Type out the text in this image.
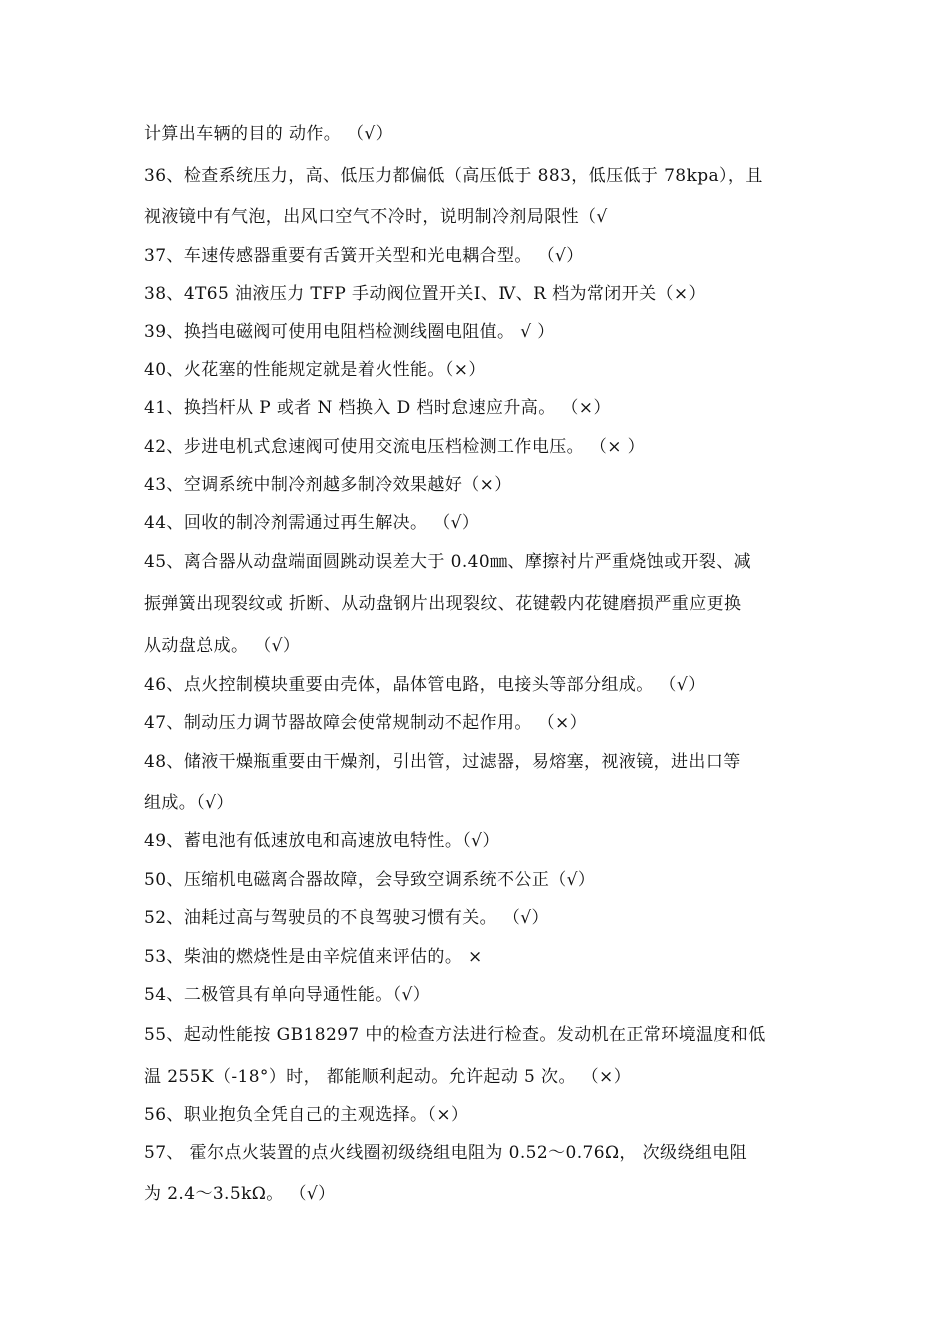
计算出车辆的目的 动作。 （√）
36、检查系统压力，高、低压力都偏低（高压低于 883，低压低于 78kpa），且
视液镜中有气泡，出风口空气不冷时，说明制冷剂局限性（√
37、车速传感器重要有舌簧开关型和光电耦合型。 （√）
38、4T65 油液压力 TFP 手动阀位置开关Ⅰ、Ⅳ、R 档为常闭开关（×）
39、换挡电磁阀可使用电阻档检测线圈电阻值。 √ ）
40、火花塞的性能规定就是着火性能。（×）
41、换挡杆从 P 或者 N 档换入 D 档时怠速应升高。 （×）
42、步进电机式怠速阀可使用交流电压档检测工作电压。 （× ）
43、空调系统中制冷剂越多制冷效果越好（×）
44、回收的制冷剂需通过再生解决。 （√）
45、离合器从动盘端面圆跳动误差大于 0.40㎜、摩擦衬片严重烧蚀或开裂、减
振弹簧出现裂纹或 折断、从动盘钢片出现裂纹、花键毂内花键磨损严重应更换
从动盘总成。 （√）
46、点火控制模块重要由壳体，晶体管电路，电接头等部分组成。 （√）
47、制动压力调节器故障会使常规制动不起作用。 （×）
48、储液干燥瓶重要由干燥剂，引出管，过滤器，易熔塞，视液镜，进出口等
组成。（√）
49、蓄电池有低速放电和高速放电特性。（√）
50、压缩机电磁离合器故障，会导致空调系统不公正（√）
52、油耗过高与驾驶员的不良驾驶习惯有关。 （√）
53、柴油的燃烧性是由辛烷值来评估的。 ×
54、二极管具有单向导通性能。（√）
55、起动性能按 GB18297 中的检查方法进行检查。发动机在正常环境温度和低
温 255K（-18°）时， 都能顺利起动。允许起动 5 次。 （×）
56、职业抱负全凭自己的主观选择。（×）
57、 霍尔点火装置的点火线圈初级绕组电阻为 0.52～0.76Ω， 次级绕组电阻
为 2.4～3.5kΩ。 （√）
